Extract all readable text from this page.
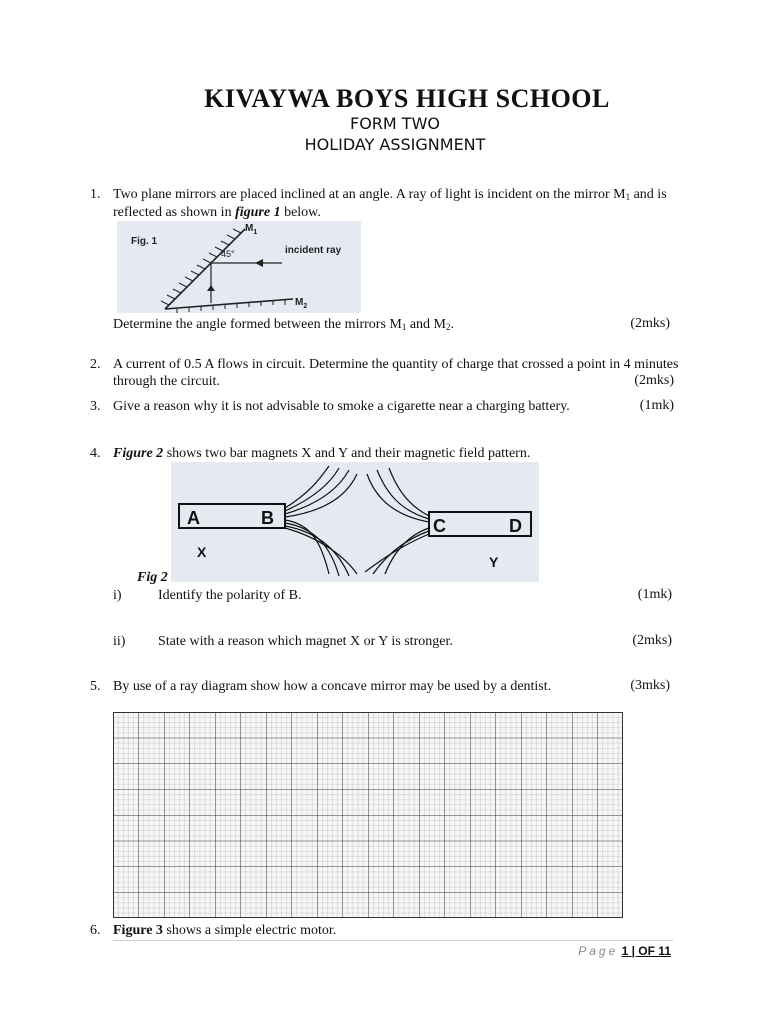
KIVAYWA BOYS HIGH SCHOOL
FORM TWO
HOLIDAY ASSIGNMENT
1. Two plane mirrors are placed inclined at an angle. A ray of light is incident on the mirror $M_1$ and is
reflected as shown in figure 1 below.
Fig. 1
$M_1$
$M_2$
incident ray
45°
Determine the angle formed between the mirrors $M_1$ and $M_2$.	(2mks)
2. A current of 0.5 A flows in circuit. Determine the quantity of charge that crossed a point in 4 minutes
through the circuit.	(2mks)
3. Give a reason why it is not advisable to smoke a cigarette near a charging battery.	(1mk)
4. Figure 2 shows two bar magnets X and Y and their magnetic field pattern.
A	B
X
C	D
Y
Fig 2
i)	Identify the polarity of B.	(1mk)
ii) State with a reason which magnet X or Y is stronger.	(2mks)
5. By use of a ray diagram show how a concave mirror may be used by a dentist.	(3mks)
6. Figure 3 shows a simple electric motor.
Page 1 | OF 11
